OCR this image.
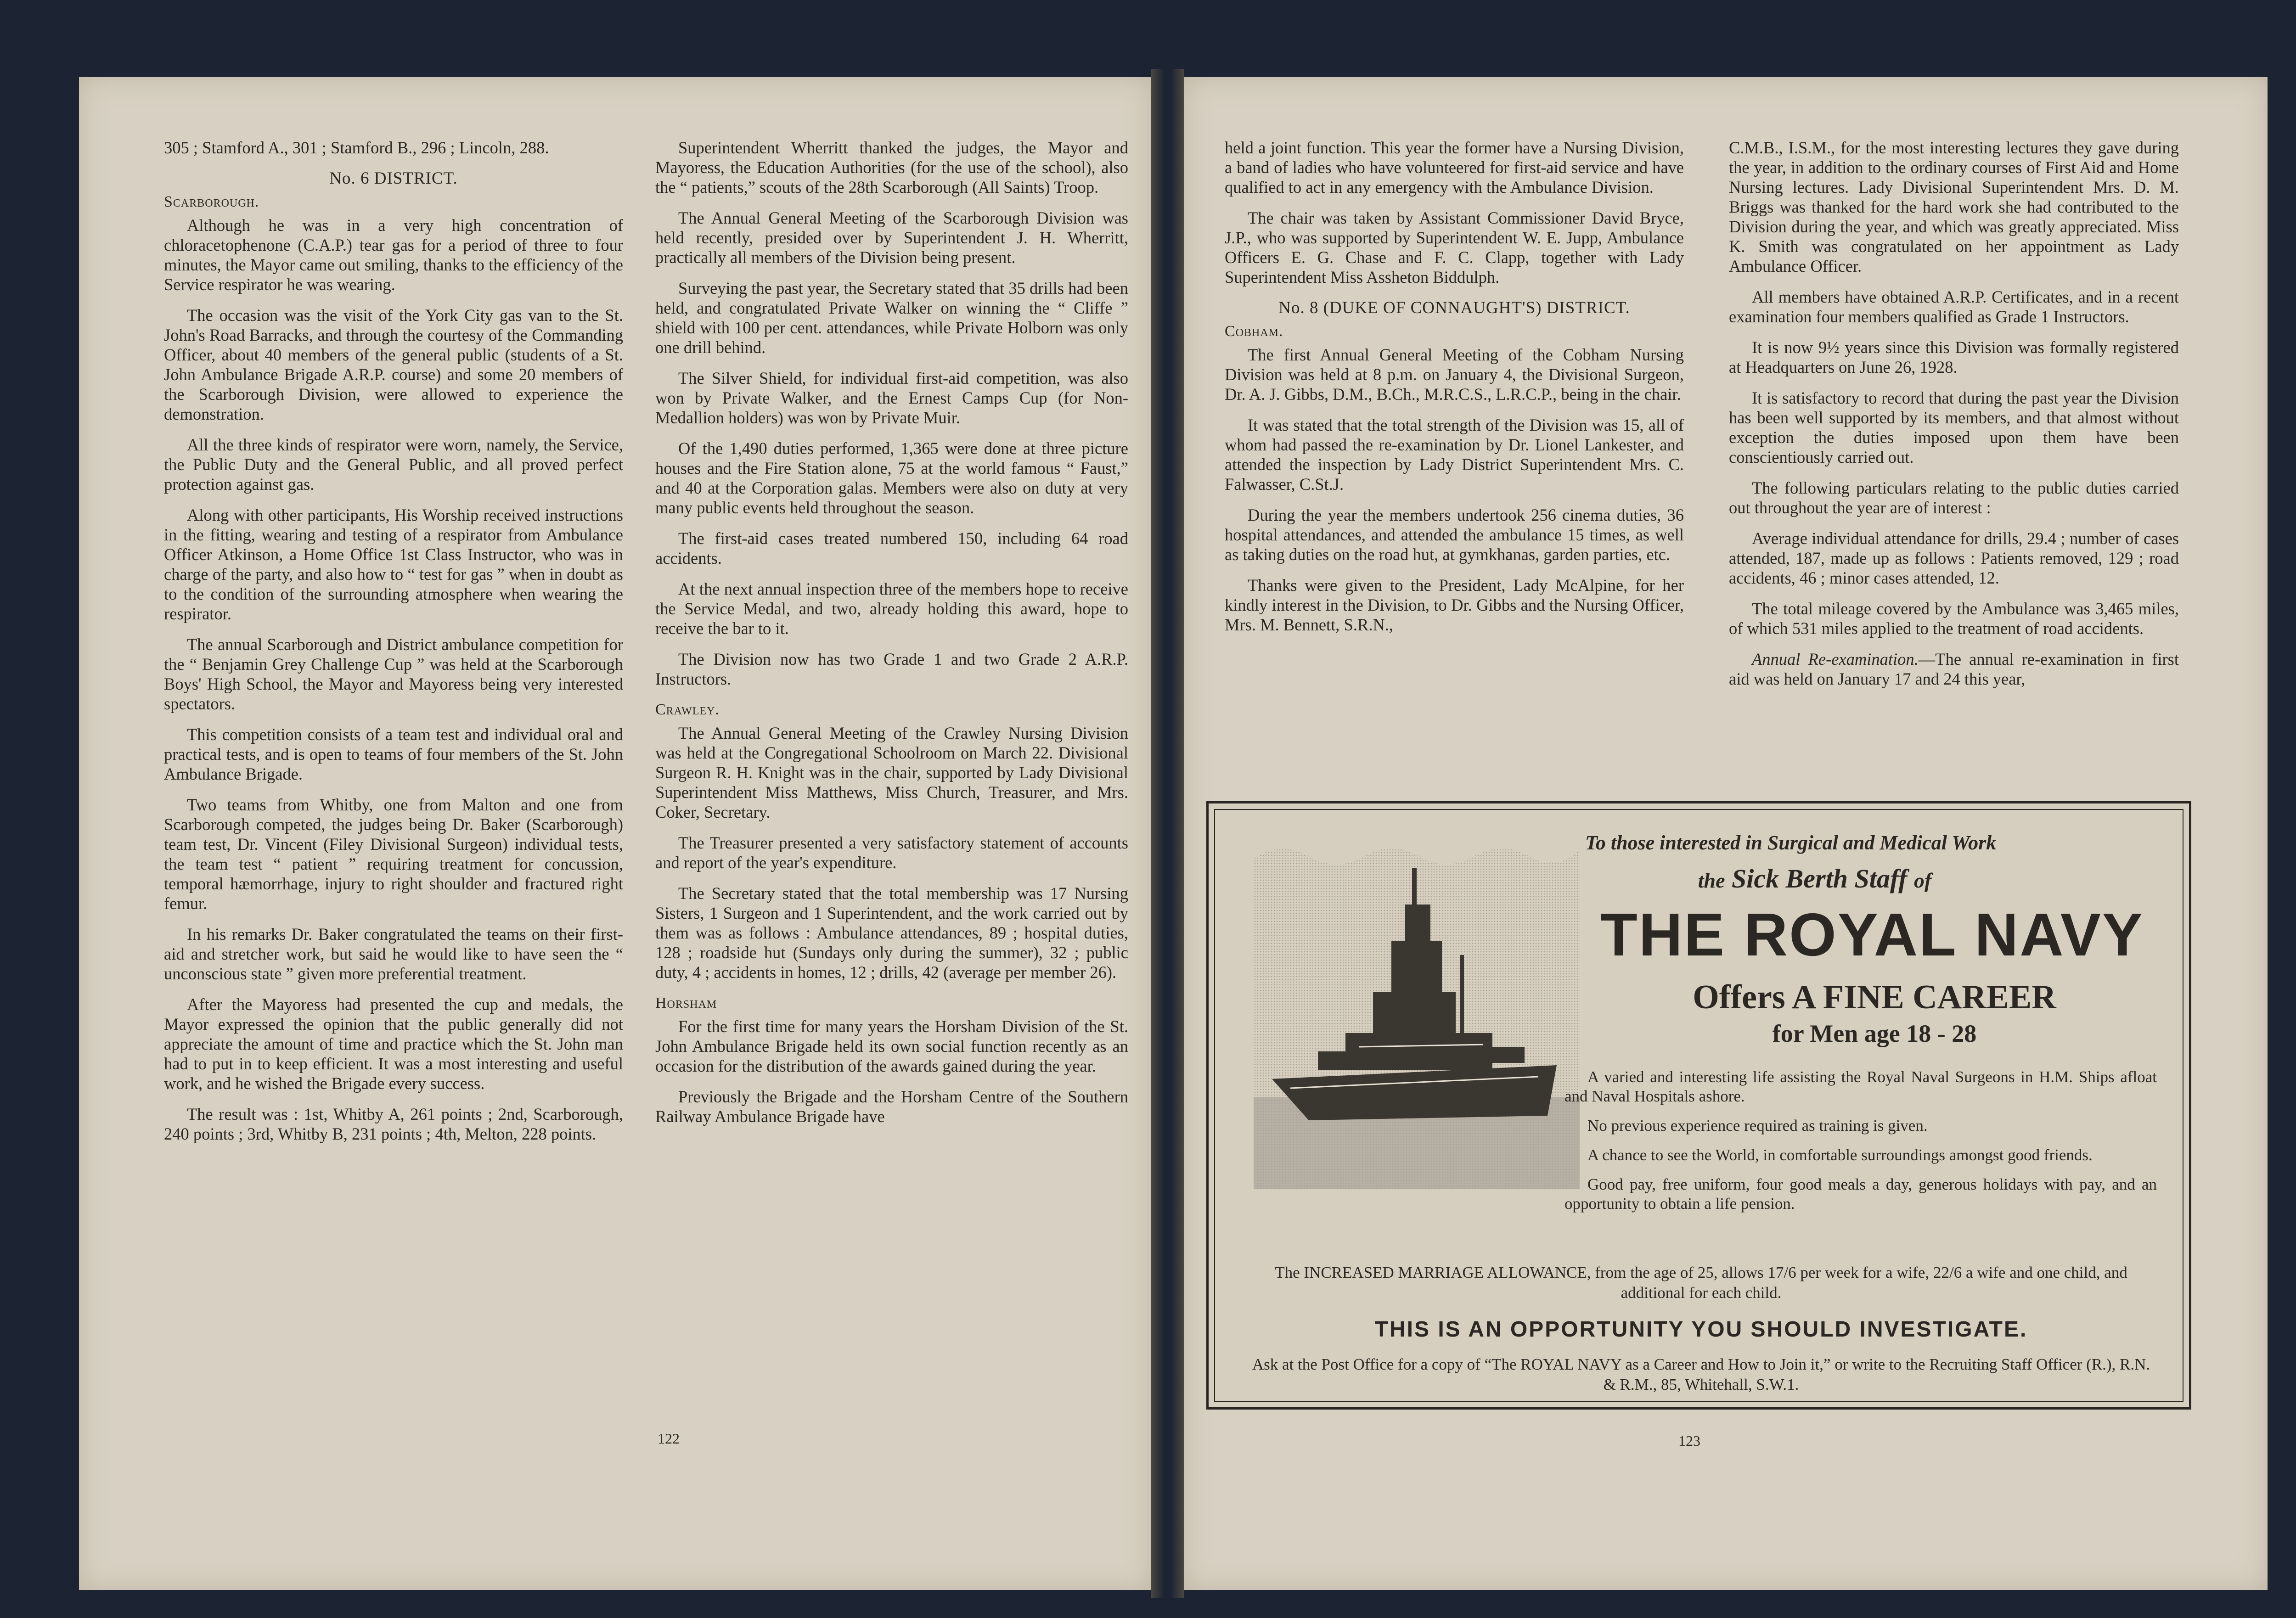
305 ; Stamford A., 301 ; Stamford B., 296 ; Lincoln, 288.

No. 6 DISTRICT.
Scarborough.

Although he was in a very high concentration of chloracetophenone (C.A.P.) tear gas for a period of three to four minutes, the Mayor came out smiling, thanks to the efficiency of the Service respirator he was wearing.

The occasion was the visit of the York City gas van to the St. John's Road Barracks, and through the courtesy of the Commanding Officer, about 40 members of the general public (students of a St. John Ambulance Brigade A.R.P. course) and some 20 members of the Scarborough Division, were allowed to experience the demonstration.

All the three kinds of respirator were worn, namely, the Service, the Public Duty and the General Public, and all proved perfect protection against gas.

Along with other participants, His Worship received instructions in the fitting, wearing and testing of a respirator from Ambulance Officer Atkinson, a Home Office 1st Class Instructor, who was in charge of the party, and also how to “ test for gas ” when in doubt as to the condition of the surrounding atmosphere when wearing the respirator.

The annual Scarborough and District ambulance competition for the “ Benjamin Grey Challenge Cup ” was held at the Scarborough Boys' High School, the Mayor and Mayoress being very interested spectators.

This competition consists of a team test and individual oral and practical tests, and is open to teams of four members of the St. John Ambulance Brigade.

Two teams from Whitby, one from Malton and one from Scarborough competed, the judges being Dr. Baker (Scarborough) team test, Dr. Vincent (Filey Divisional Surgeon) individual tests, the team test “ patient ” requiring treatment for concussion, temporal hæmorrhage, injury to right shoulder and fractured right femur.

In his remarks Dr. Baker congratulated the teams on their first-aid and stretcher work, but said he would like to have seen the “ unconscious state ” given more preferential treatment.

After the Mayoress had presented the cup and medals, the Mayor expressed the opinion that the public generally did not appreciate the amount of time and practice which the St. John man had to put in to keep efficient. It was a most interesting and useful work, and he wished the Brigade every success.

The result was : 1st, Whitby A, 261 points ; 2nd, Scarborough, 240 points ; 3rd, Whitby B, 231 points ; 4th, Melton, 228 points.

Superintendent Wherritt thanked the judges, the Mayor and Mayoress, the Education Authorities (for the use of the school), also the “ patients,” scouts of the 28th Scarborough (All Saints) Troop.

The Annual General Meeting of the Scarborough Division was held recently, presided over by Superintendent J. H. Wherritt, practically all members of the Division being present.

Surveying the past year, the Secretary stated that 35 drills had been held, and congratulated Private Walker on winning the “ Cliffe ” shield with 100 per cent. attendances, while Private Holborn was only one drill behind.

The Silver Shield, for individual first-aid competition, was also won by Private Walker, and the Ernest Camps Cup (for Non-Medallion holders) was won by Private Muir.

Of the 1,490 duties performed, 1,365 were done at three picture houses and the Fire Station alone, 75 at the world famous “ Faust,” and 40 at the Corporation galas. Members were also on duty at very many public events held throughout the season.

The first-aid cases treated numbered 150, including 64 road accidents.

At the next annual inspection three of the members hope to receive the Service Medal, and two, already holding this award, hope to receive the bar to it.

The Division now has two Grade 1 and two Grade 2 A.R.P. Instructors.

Crawley.

The Annual General Meeting of the Crawley Nursing Division was held at the Congregational Schoolroom on March 22. Divisional Surgeon R. H. Knight was in the chair, supported by Lady Divisional Superintendent Miss Matthews, Miss Church, Treasurer, and Mrs. Coker, Secretary.

The Treasurer presented a very satisfactory statement of accounts and report of the year's expenditure.

The Secretary stated that the total membership was 17 Nursing Sisters, 1 Surgeon and 1 Superintendent, and the work carried out by them was as follows : Ambulance attendances, 89 ; hospital duties, 128 ; roadside hut (Sundays only during the summer), 32 ; public duty, 4 ; accidents in homes, 12 ; drills, 42 (average per member 26).

Horsham

For the first time for many years the Horsham Division of the St. John Ambulance Brigade held its own social function recently as an occasion for the distribution of the awards gained during the year.

Previously the Brigade and the Horsham Centre of the Southern Railway Ambulance Brigade have

122

held a joint function. This year the former have a Nursing Division, a band of ladies who have volunteered for first-aid service and have qualified to act in any emergency with the Ambulance Division.

The chair was taken by Assistant Commissioner David Bryce, J.P., who was supported by Superintendent W. E. Jupp, Ambulance Officers E. G. Chase and F. C. Clapp, together with Lady Superintendent Miss Assheton Biddulph.

No. 8 (DUKE OF CONNAUGHT'S) DISTRICT.
Cobham.

The first Annual General Meeting of the Cobham Nursing Division was held at 8 p.m. on January 4, the Divisional Surgeon, Dr. A. J. Gibbs, D.M., B.Ch., M.R.C.S., L.R.C.P., being in the chair.

It was stated that the total strength of the Division was 15, all of whom had passed the re-examination by Dr. Lionel Lankester, and attended the inspection by Lady District Superintendent Mrs. C. Falwasser, C.St.J.

During the year the members undertook 256 cinema duties, 36 hospital attendances, and attended the ambulance 15 times, as well as taking duties on the road hut, at gymkhanas, garden parties, etc.

Thanks were given to the President, Lady McAlpine, for her kindly interest in the Division, to Dr. Gibbs and the Nursing Officer, Mrs. M. Bennett, S.R.N.,

C.M.B., I.S.M., for the most interesting lectures they gave during the year, in addition to the ordinary courses of First Aid and Home Nursing lectures. Lady Divisional Superintendent Mrs. D. M. Briggs was thanked for the hard work she had contributed to the Division during the year, and which was greatly appreciated. Miss K. Smith was congratulated on her appointment as Lady Ambulance Officer.

All members have obtained A.R.P. Certificates, and in a recent examination four members qualified as Grade 1 Instructors.

It is now 9½ years since this Division was formally registered at Headquarters on June 26, 1928.

It is satisfactory to record that during the past year the Division has been well supported by its members, and that almost without exception the duties imposed upon them have been conscientiously carried out.

The following particulars relating to the public duties carried out throughout the year are of interest :

Average individual attendance for drills, 29.4 ; number of cases attended, 187, made up as follows : Patients removed, 129 ; road accidents, 46 ; minor cases attended, 12.

The total mileage covered by the Ambulance was 3,465 miles, of which 531 miles applied to the treatment of road accidents.

Annual Re-examination.—The annual re-examination in first aid was held on January 17 and 24 this year,

To those interested in Surgical and Medical Work
the Sick Berth Staff of
THE ROYAL NAVY
Offers A FINE CAREER
for Men age 18 - 28

A varied and interesting life assisting the Royal Naval Surgeons in H.M. Ships afloat and Naval Hospitals ashore.

No previous experience required as training is given.

A chance to see the World, in comfortable surroundings amongst good friends.

Good pay, free uniform, four good meals a day, generous holidays with pay, and an opportunity to obtain a life pension.

The INCREASED MARRIAGE ALLOWANCE, from the age of 25, allows 17/6 per week for a wife, 22/6 a wife and one child, and additional for each child.
THIS IS AN OPPORTUNITY YOU SHOULD INVESTIGATE.
Ask at the Post Office for a copy of “The ROYAL NAVY as a Career and How to Join it,” or write to the Recruiting Staff Officer (R.), R.N. & R.M., 85, Whitehall, S.W.1.
123
